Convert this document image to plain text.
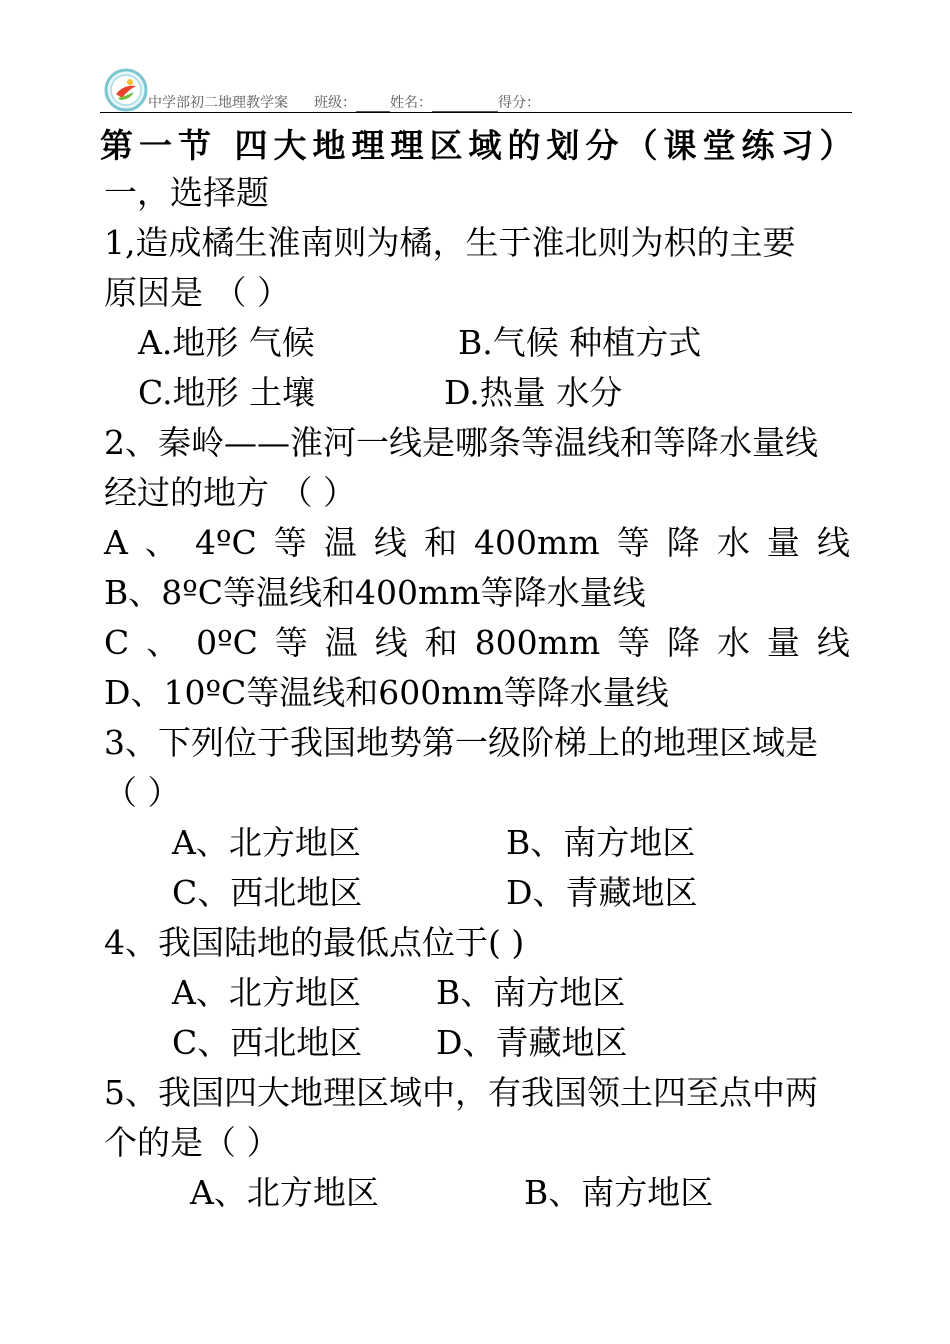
中学部初二地理教学案 班级： 姓名：	得分：
第一节 四大地理理区域的划分（课堂练习）
一，选择题
1,造成橘生淮南则为橘，生于淮北则为枳的主要
原因是 （ ）
A.地形 气候	B.气候 种植方式
C.地形 土壤	D.热量 水分
2、秦岭——淮河一线是哪条等温线和等降水量线
经过的地方 （ ）
A 、 4ºC 等 温 线 和 400mm 等 降 水 量 线
B、8ºC等温线和400mm等降水量线
C 、 0ºC 等 温 线 和 800mm 等 降 水 量 线
D、10ºC等温线和600mm等降水量线
3、下列位于我国地势第一级阶梯上的地理区域是
（ ）
A、北方地区	B、南方地区
C、西北地区	D、青藏地区
4、我国陆地的最低点位于( )
A、北方地区 B、南方地区
C、西北地区 D、青藏地区
5、我国四大地理区域中，有我国领土四至点中两
个的是（ ）
A、北方地区	B、南方地区
